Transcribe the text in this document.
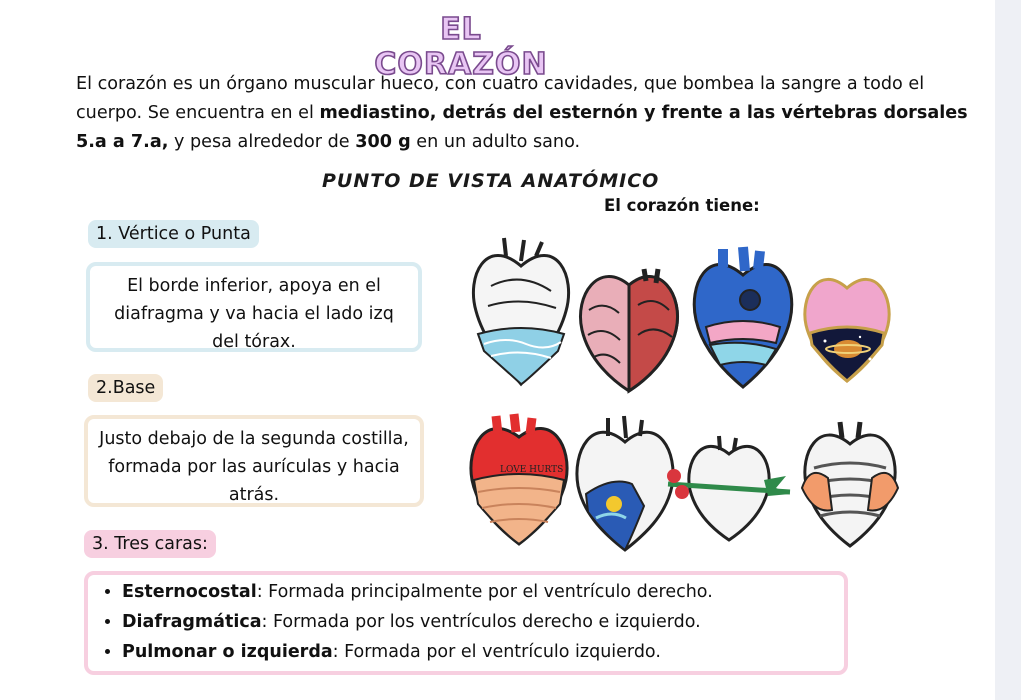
EL CORAZÓN
El corazón es un órgano muscular hueco, con cuatro cavidades, que bombea la sangre a todo el cuerpo. Se encuentra en el mediastino, detrás del esternón y frente a las vértebras dorsales 5.a a 7.a, y pesa alrededor de 300 g en un adulto sano.
PUNTO DE VISTA ANATÓMICO
El corazón tiene:
1. Vértice o Punta
El borde inferior, apoya en el diafragma y va hacia el lado izq del tórax.
2.Base
Justo debajo de la segunda costilla, formada por las aurículas y hacia atrás.
3. Tres caras:
• Esternocostal: Formada principalmente por el ventrículo derecho.
• Diafragmática: Formada por los ventrículos derecho e izquierdo.
• Pulmonar o izquierda: Formada por el ventrículo izquierdo.
LOVE HURTS
